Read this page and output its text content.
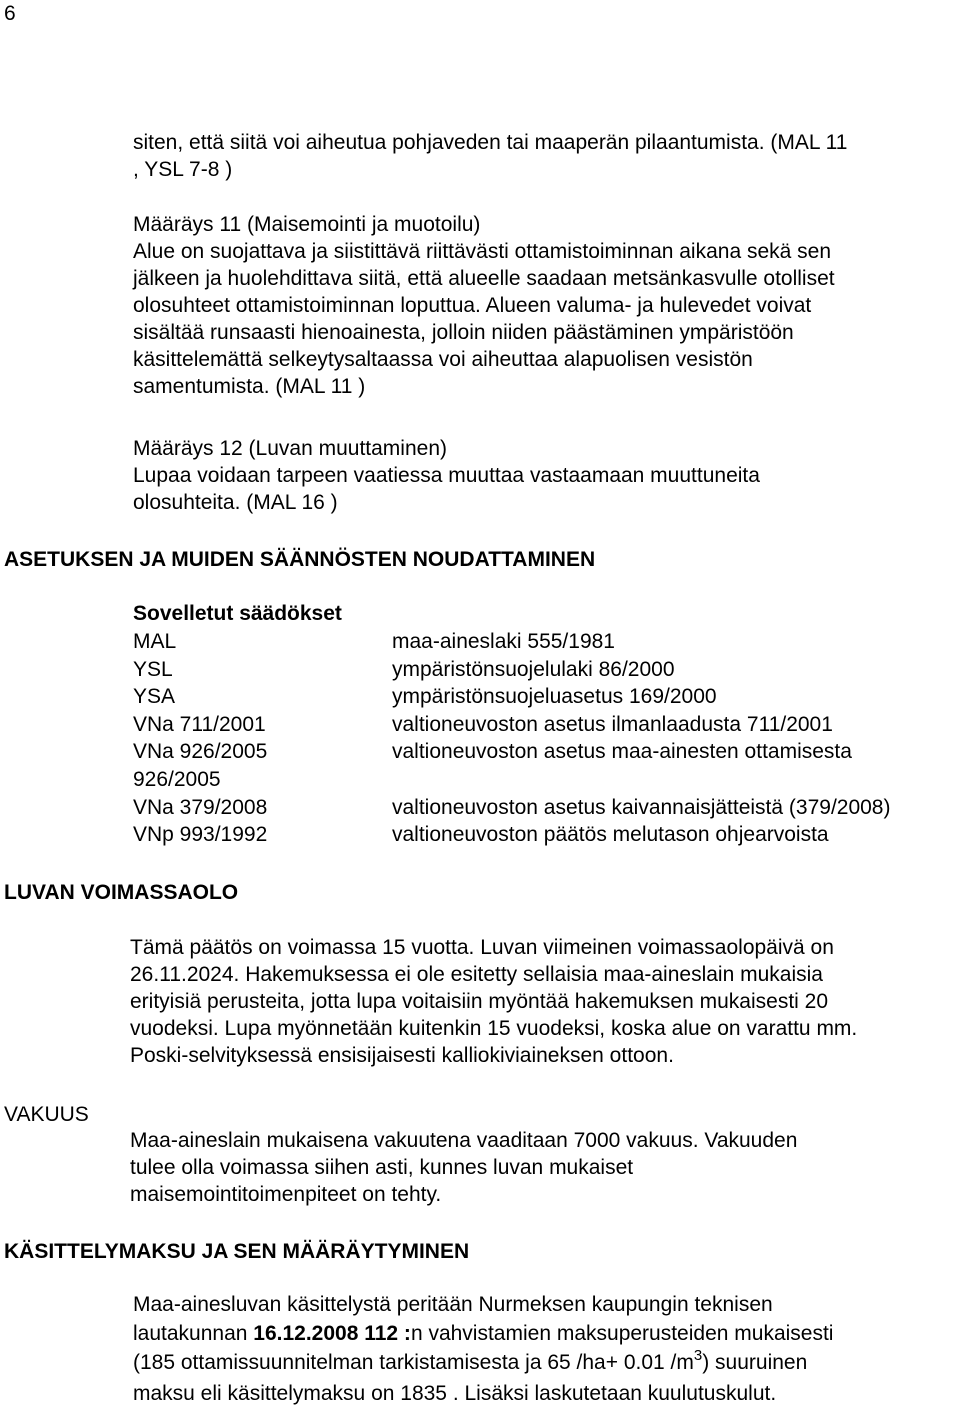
6
siten, että siitä voi aiheutua pohjaveden tai maaperän pilaantumista. (MAL 11
, YSL 7-8 )
Määräys 11 (Maisemointi ja muotoilu)
Alue on suojattava ja siistittävä riittävästi ottamistoiminnan aikana sekä sen
jälkeen ja huolehdittava siitä, että alueelle saadaan metsänkasvulle otolliset
olosuhteet ottamistoiminnan loputtua. Alueen valuma- ja hulevedet voivat
sisältää runsaasti hienoainesta, jolloin niiden päästäminen ympäristöön
käsittelemättä selkeytysaltaassa voi aiheuttaa alapuolisen vesistön
samentumista. (MAL 11 )
Määräys 12 (Luvan muuttaminen)
Lupaa voidaan tarpeen vaatiessa muuttaa vastaamaan muuttuneita
olosuhteita. (MAL 16 )
ASETUKSEN JA MUIDEN SÄÄNNÖSTEN NOUDATTAMINEN
Sovelletut säädökset
MAL	maa-aineslaki 555/1981
YSL	ympäristönsuojelulaki 86/2000
YSA	ympäristönsuojeluasetus 169/2000
VNa 711/2001	valtioneuvoston asetus ilmanlaadusta 711/2001
VNa 926/2005	valtioneuvoston asetus maa-ainesten ottamisesta
926/2005
VNa 379/2008	valtioneuvoston asetus kaivannaisjätteistä (379/2008)
VNp 993/1992	valtioneuvoston päätös melutason ohjearvoista
LUVAN VOIMASSAOLO
Tämä päätös on voimassa 15 vuotta. Luvan viimeinen voimassaolopäivä on
26.11.2024. Hakemuksessa ei ole esitetty sellaisia maa-aineslain mukaisia
erityisiä perusteita, jotta lupa voitaisiin myöntää hakemuksen mukaisesti 20
vuodeksi. Lupa myönnetään kuitenkin 15 vuodeksi, koska alue on varattu mm.
Poski-selvityksessä ensisijaisesti kalliokiviaineksen ottoon.
VAKUUS
Maa-aineslain mukaisena vakuutena vaaditaan 7000 vakuus. Vakuuden
tulee olla voimassa siihen asti, kunnes luvan mukaiset
maisemointitoimenpiteet on tehty.
KÄSITTELYMAKSU JA SEN MÄÄRÄYTYMINEN
Maa-ainesluvan käsittelystä peritään Nurmeksen kaupungin teknisen
lautakunnan 16.12.2008 112 :n vahvistamien maksuperusteiden mukaisesti
(185 ottamissuunnitelman tarkistamisesta ja 65 /ha+ 0.01 $/m^3$) suuruinen
maksu eli käsittelymaksu on 1835 . Lisäksi laskutetaan kuulutuskulut.
